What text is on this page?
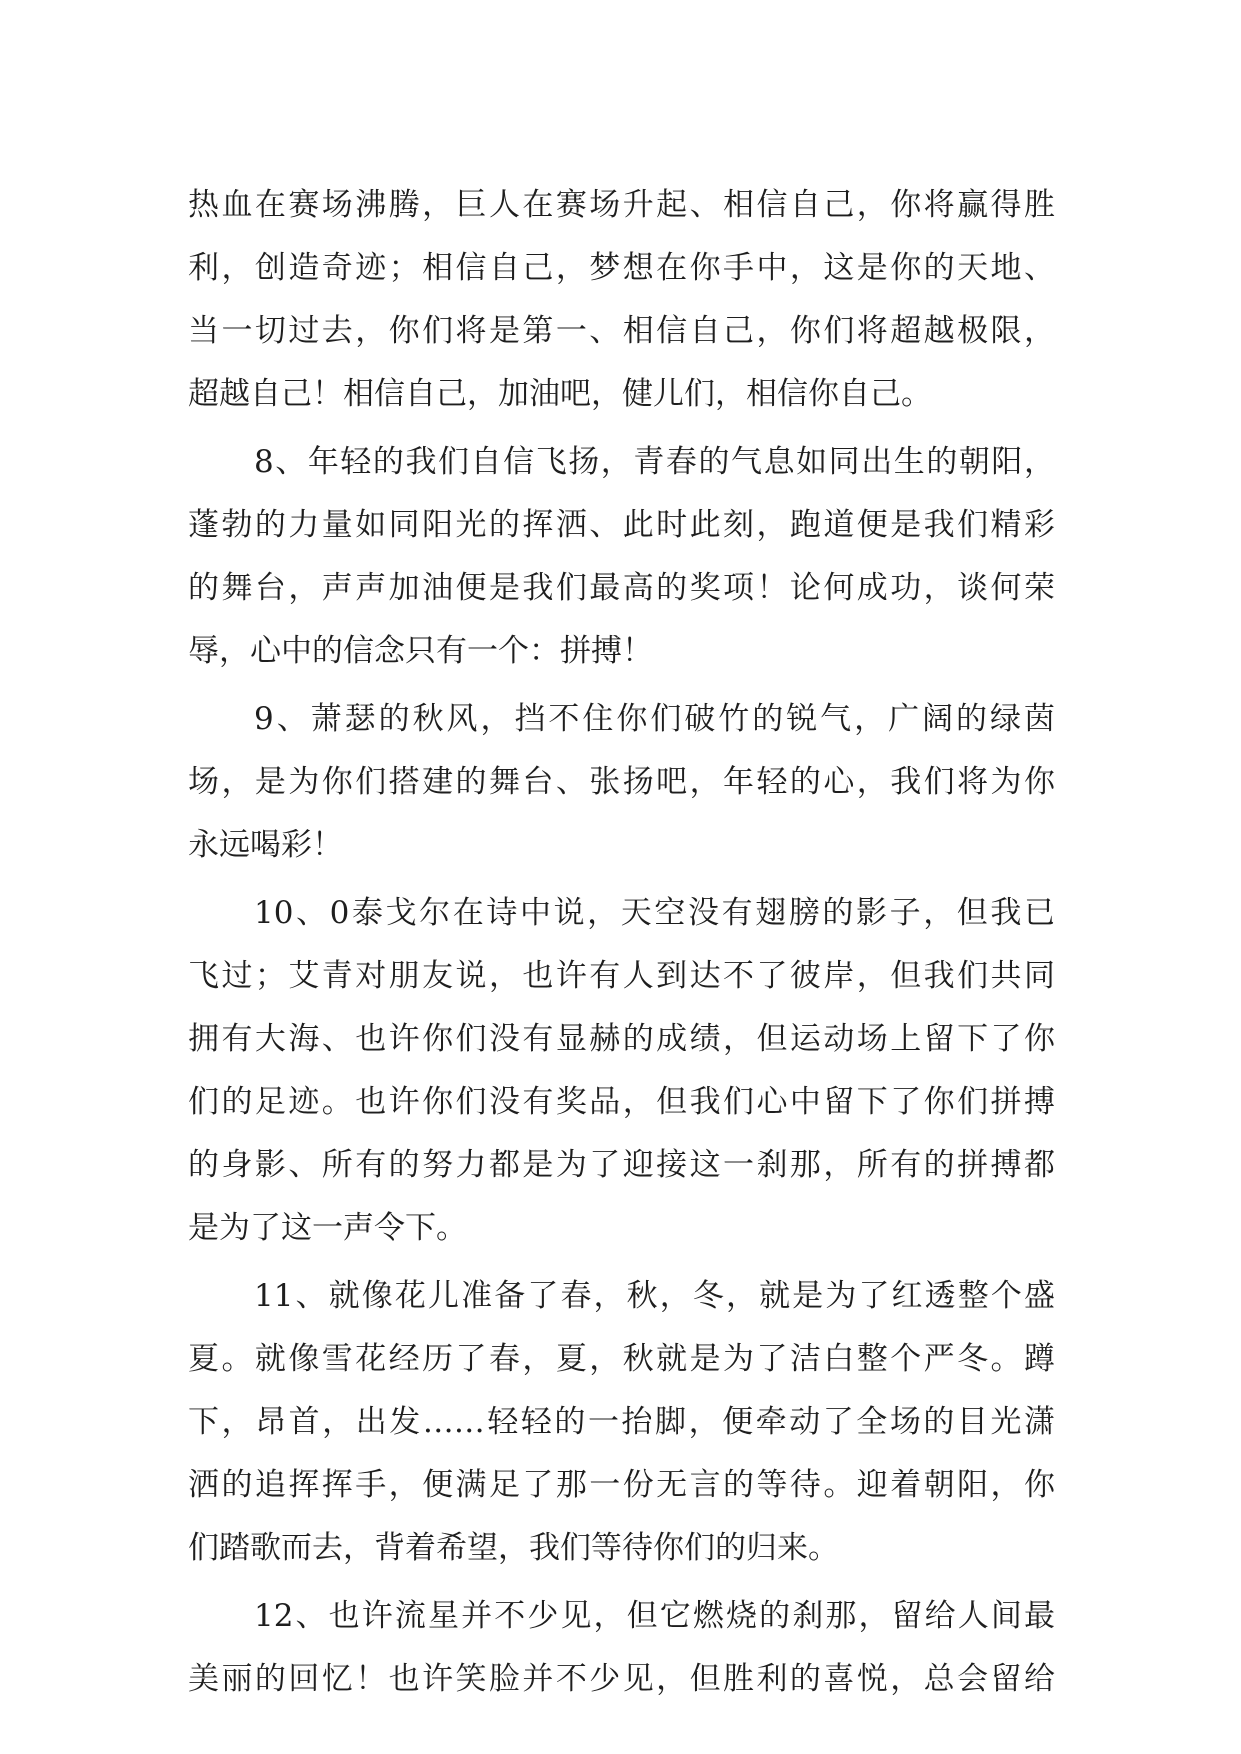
热血在赛场沸腾，巨人在赛场升起、相信自己，你将赢得胜
利，创造奇迹；相信自己，梦想在你手中，这是你的天地、
当一切过去，你们将是第一、相信自己，你们将超越极限，
超越自己！相信自己，加油吧，健儿们，相信你自己。
8、年轻的我们自信飞扬，青春的气息如同出生的朝阳，
蓬勃的力量如同阳光的挥洒、此时此刻，跑道便是我们精彩
的舞台，声声加油便是我们最高的奖项！论何成功，谈何荣
辱，心中的信念只有一个：拼搏！
9、萧瑟的秋风，挡不住你们破竹的锐气，广阔的绿茵
场，是为你们搭建的舞台、张扬吧，年轻的心，我们将为你
永远喝彩！
10、0泰戈尔在诗中说，天空没有翅膀的影子，但我已
飞过；艾青对朋友说，也许有人到达不了彼岸，但我们共同
拥有大海、也许你们没有显赫的成绩，但运动场上留下了你
们的足迹。也许你们没有奖品，但我们心中留下了你们拼搏
的身影、所有的努力都是为了迎接这一刹那，所有的拼搏都
是为了这一声令下。
11、就像花儿准备了春，秋，冬，就是为了红透整个盛
夏。就像雪花经历了春，夏，秋就是为了洁白整个严冬。蹲
下，昂首，出发……轻轻的一抬脚，便牵动了全场的目光潇
洒的追挥挥手，便满足了那一份无言的等待。迎着朝阳，你
们踏歌而去，背着希望，我们等待你们的归来。
12、也许流星并不少见，但它燃烧的刹那，留给人间最
美丽的回忆！也许笑脸并不少见，但胜利的喜悦，总会留给
